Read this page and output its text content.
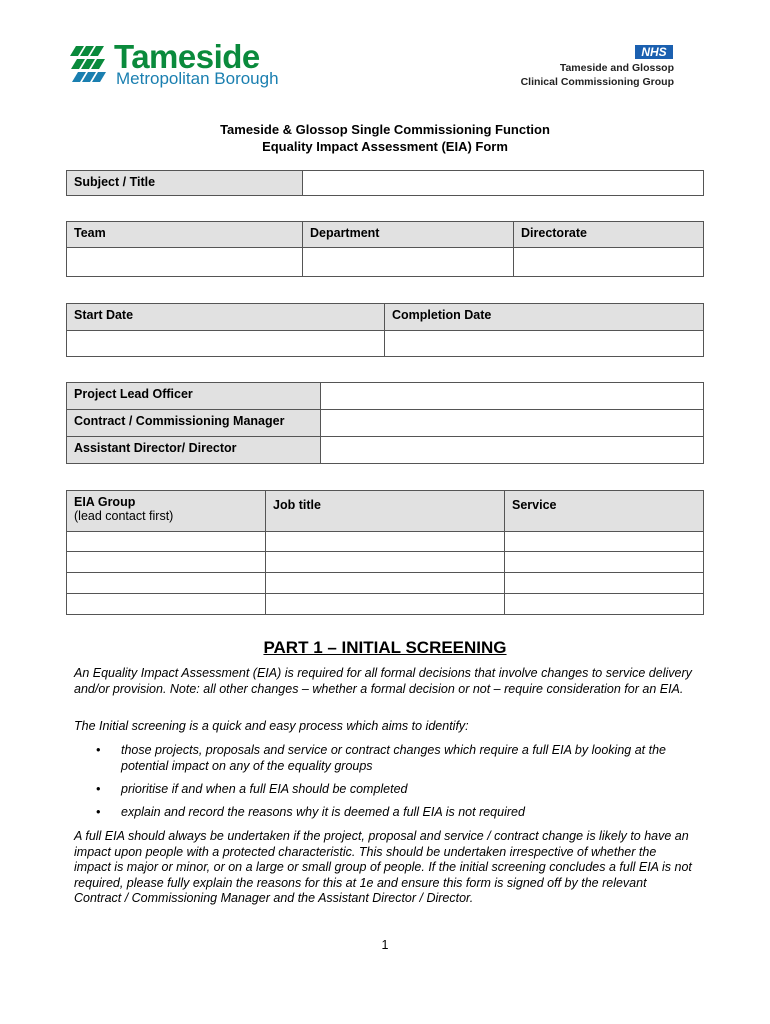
Tameside
Metropolitan Borough
NHS
Tameside and Glossop
Clinical Commissioning Group
Tameside & Glossop Single Commissioning Function
Equality Impact Assessment (EIA) Form
Subject / Title	
Team	Department	Directorate

Start Date	Completion Date

Project Lead Officer	
Contract / Commissioning Manager	
Assistant Director/ Director	
EIA Group
(lead contact first)	Job title	Service

PART 1 – INITIAL SCREENING
An Equality Impact Assessment (EIA) is required for all formal decisions that involve changes to service delivery and/or provision. Note: all other changes – whether a formal decision or not – require consideration for an EIA.
The Initial screening is a quick and easy process which aims to identify:
• those projects, proposals and service or contract changes which require a full EIA by looking at the potential impact on any of the equality groups
• prioritise if and when a full EIA should be completed
• explain and record the reasons why it is deemed a full EIA is not required
A full EIA should always be undertaken if the project, proposal and service / contract change is likely to have an impact upon people with a protected characteristic. This should be undertaken irrespective of whether the impact is major or minor, or on a large or small group of people. If the initial screening concludes a full EIA is not required, please fully explain the reasons for this at 1e and ensure this form is signed off by the relevant Contract / Commissioning Manager and the Assistant Director / Director.
1
